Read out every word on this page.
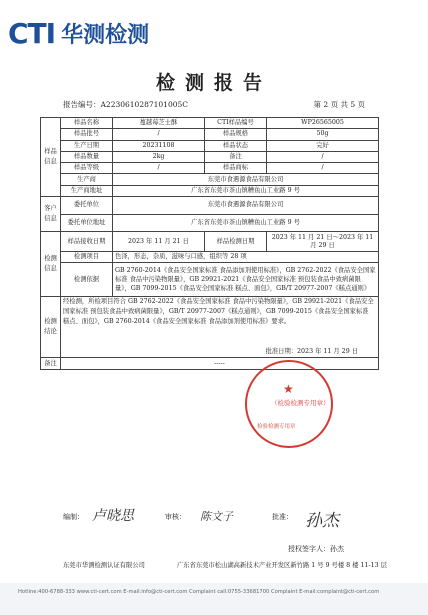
CTI 华测检测
检测报告
报告编号：A2230610287101005C	第 2 页 共 5 页
样品信息	样品名称	蔓越莓芝士酥	CTI样品编号	WP26565005
	样品批号	/	样品规格	50g
	生产日期	20231108	样品状态	完好
	样品数量	2kg	备注	/
	样品等级	/	样品商标	/
	生产商	东莞市食遇源食品有限公司		
	生产商地址	广东省东莞市茶山镇糟鱼山工业路 9 号		
客户信息	委托单位	东莞市食遇源食品有限公司		
	委托单位地址	广东省东莞市茶山镇糟鱼山工业路 9 号		
检测信息	样品接收日期	2023 年 11 月 21 日	样品检测日期	2023 年 11 月 21 日～2023 年 11 月 29 日
	检测项目	色泽，形态，杂质，滋味与口感，组织等 28 项		
	检测依据	GB 2760-2014《食品安全国家标准 食品添加剂使用标准》，GB 2762-2022《食品安全国家标准 食品中污染物限量》，GB 29921-2021《食品安全国家标准 预包装食品中致病菌限量》，GB 7099-2015《食品安全国家标准 糕点、面包》，GB/T 20977-2007《糕点通则》		
检测结论	经检测，所检项目符合 GB 2762-2022《食品安全国家标准 食品中污染物限量》，GB 29921-2021《食品安全国家标准 预包装食品中致病菌限量》，GB/T 20977-2007《糕点通则》，GB 7099-2015《食品安全国家标准 糕点、面包》，GB 2760-2014《食品安全国家标准 食品添加剂使用标准》要求。
批准日期：2023 年 11 月 29 日			

备注	-----			
★
（检验检测专用章）
检验检测专用章
编制： 卢晓思	审核： 陈文子	批准： 孙杰
授权签字人：孙杰
东莞市华测检测认证有限公司	广东省东莞市松山湖高新技术产业开发区新竹路 1 号 9 号楼 8 楼 11-13 层
Hotline:400-6788-333 www.cti-cert.com E-mail:info@cti-cert.com Complaint call:0755-33681700 Complaint E-mail:complaint@cti-cert.com
